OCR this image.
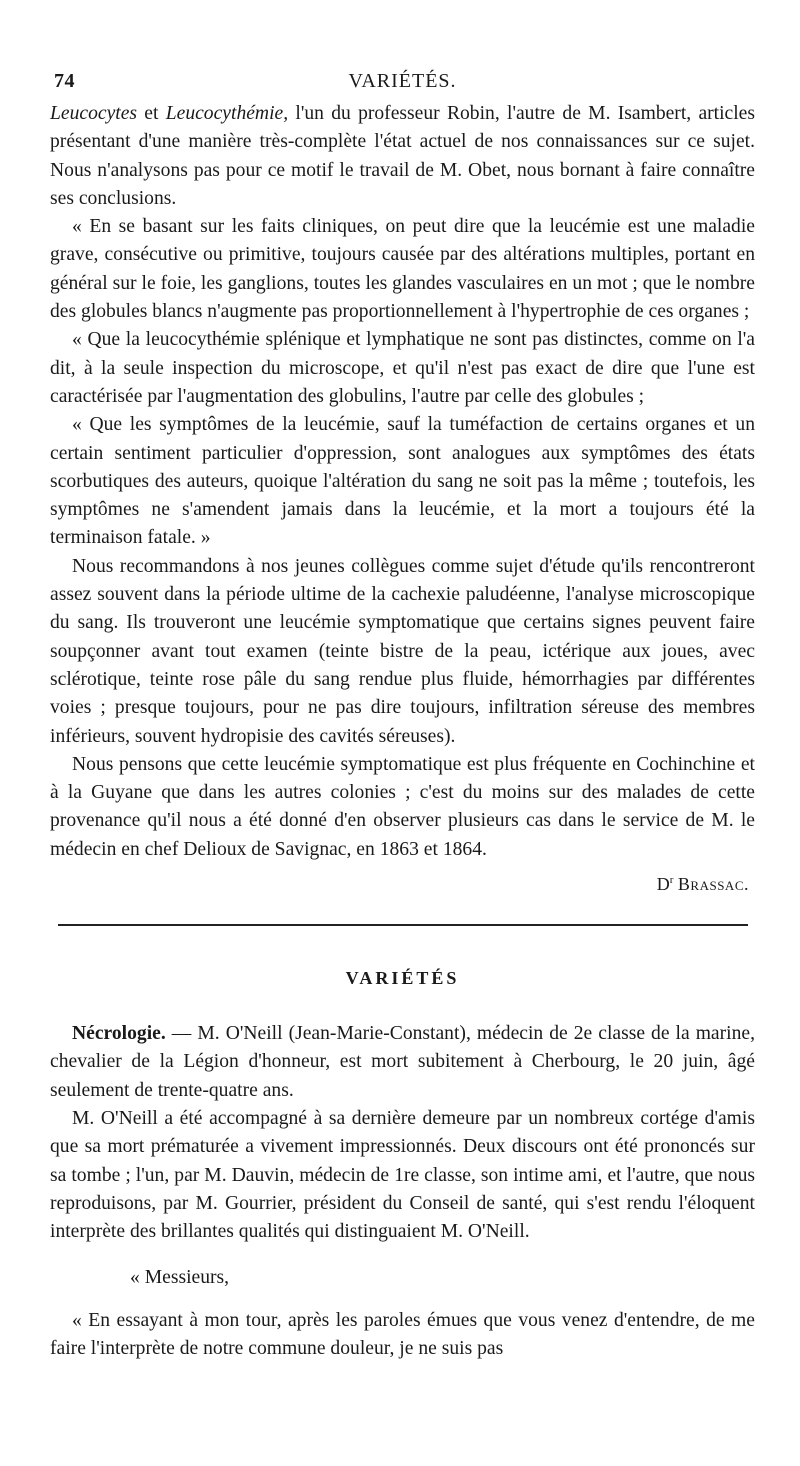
74	VARIÉTÉS.

Leucocytes et Leucocythémie, l'un du professeur Robin, l'autre de M. Isambert, articles présentant d'une manière très-complète l'état actuel de nos connaissances sur ce sujet. Nous n'analysons pas pour ce motif le travail de M. Obet, nous bornant à faire connaître ses conclusions.

« En se basant sur les faits cliniques, on peut dire que la leucémie est une maladie grave, consécutive ou primitive, toujours causée par des altérations multiples, portant en général sur le foie, les ganglions, toutes les glandes vasculaires en un mot ; que le nombre des globules blancs n'augmente pas proportionnellement à l'hypertrophie de ces organes ;

« Que la leucocythémie splénique et lymphatique ne sont pas distinctes, comme on l'a dit, à la seule inspection du microscope, et qu'il n'est pas exact de dire que l'une est caractérisée par l'augmentation des globulins, l'autre par celle des globules ;

« Que les symptômes de la leucémie, sauf la tuméfaction de certains organes et un certain sentiment particulier d'oppression, sont analogues aux symptômes des états scorbutiques des auteurs, quoique l'altération du sang ne soit pas la même ; toutefois, les symptômes ne s'amendent jamais dans la leucémie, et la mort a toujours été la terminaison fatale. »

Nous recommandons à nos jeunes collègues comme sujet d'étude qu'ils rencontreront assez souvent dans la période ultime de la cachexie paludéenne, l'analyse microscopique du sang. Ils trouveront une leucémie symptomatique que certains signes peuvent faire soupçonner avant tout examen (teinte bistre de la peau, ictérique aux joues, avec sclérotique, teinte rose pâle du sang rendue plus fluide, hémorrhagies par différentes voies ; presque toujours, pour ne pas dire toujours, infiltration séreuse des membres inférieurs, souvent hydropisie des cavités séreuses).

Nous pensons que cette leucémie symptomatique est plus fréquente en Cochinchine et à la Guyane que dans les autres colonies ; c'est du moins sur des malades de cette provenance qu'il nous a été donné d'en observer plusieurs cas dans le service de M. le médecin en chef Delioux de Savignac, en 1863 et 1864.

$D^r$ Brassac.
VARIÉTÉS

Nécrologie. — M. O'Neill (Jean-Marie-Constant), médecin de 2e classe de la marine, chevalier de la Légion d'honneur, est mort subitement à Cherbourg, le 20 juin, âgé seulement de trente-quatre ans.

M. O'Neill a été accompagné à sa dernière demeure par un nombreux cortége d'amis que sa mort prématurée a vivement impressionnés. Deux discours ont été prononcés sur sa tombe ; l'un, par M. Dauvin, médecin de 1re classe, son intime ami, et l'autre, que nous reproduisons, par M. Gourrier, président du Conseil de santé, qui s'est rendu l'éloquent interprète des brillantes qualités qui distinguaient M. O'Neill.

« Messieurs,

« En essayant à mon tour, après les paroles émues que vous venez d'entendre, de me faire l'interprète de notre commune douleur, je ne suis pas
